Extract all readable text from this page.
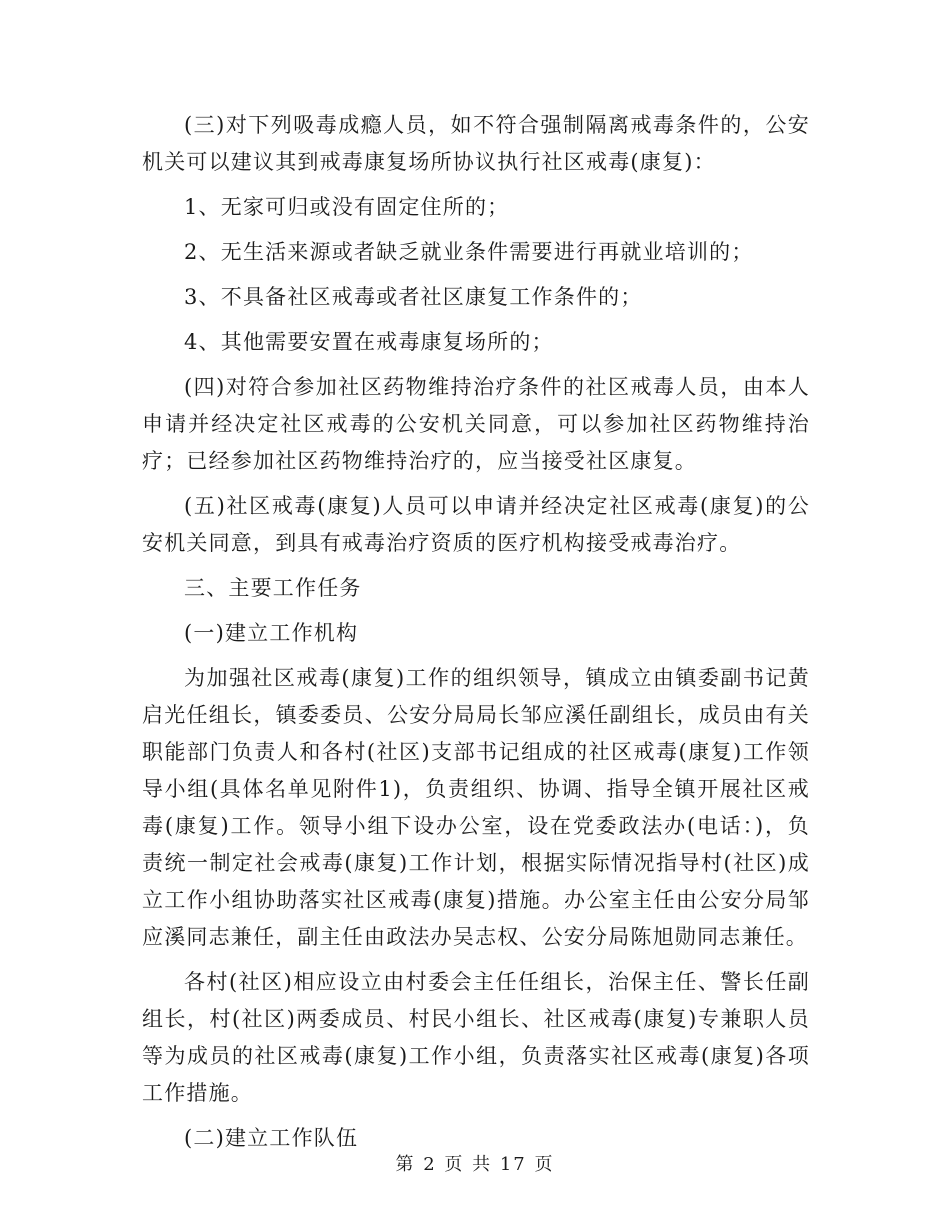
(三)对下列吸毒成瘾人员，如不符合强制隔离戒毒条件的，公安机关可以建议其到戒毒康复场所协议执行社区戒毒(康复)：

1、无家可归或没有固定住所的；

2、无生活来源或者缺乏就业条件需要进行再就业培训的；

3、不具备社区戒毒或者社区康复工作条件的；

4、其他需要安置在戒毒康复场所的；

(四)对符合参加社区药物维持治疗条件的社区戒毒人员，由本人申请并经决定社区戒毒的公安机关同意，可以参加社区药物维持治疗；已经参加社区药物维持治疗的，应当接受社区康复。

(五)社区戒毒(康复)人员可以申请并经决定社区戒毒(康复)的公安机关同意，到具有戒毒治疗资质的医疗机构接受戒毒治疗。

三、主要工作任务

(一)建立工作机构

为加强社区戒毒(康复)工作的组织领导，镇成立由镇委副书记黄启光任组长，镇委委员、公安分局局长邹应溪任副组长，成员由有关职能部门负责人和各村(社区)支部书记组成的社区戒毒(康复)工作领导小组(具体名单见附件1)，负责组织、协调、指导全镇开展社区戒毒(康复)工作。领导小组下设办公室，设在党委政法办(电话：)，负责统一制定社会戒毒(康复)工作计划，根据实际情况指导村(社区)成立工作小组协助落实社区戒毒(康复)措施。办公室主任由公安分局邹应溪同志兼任，副主任由政法办吴志权、公安分局陈旭勋同志兼任。

各村(社区)相应设立由村委会主任任组长，治保主任、警长任副组长，村(社区)两委成员、村民小组长、社区戒毒(康复)专兼职人员等为成员的社区戒毒(康复)工作小组，负责落实社区戒毒(康复)各项工作措施。

(二)建立工作队伍

第 2 页 共 17 页
